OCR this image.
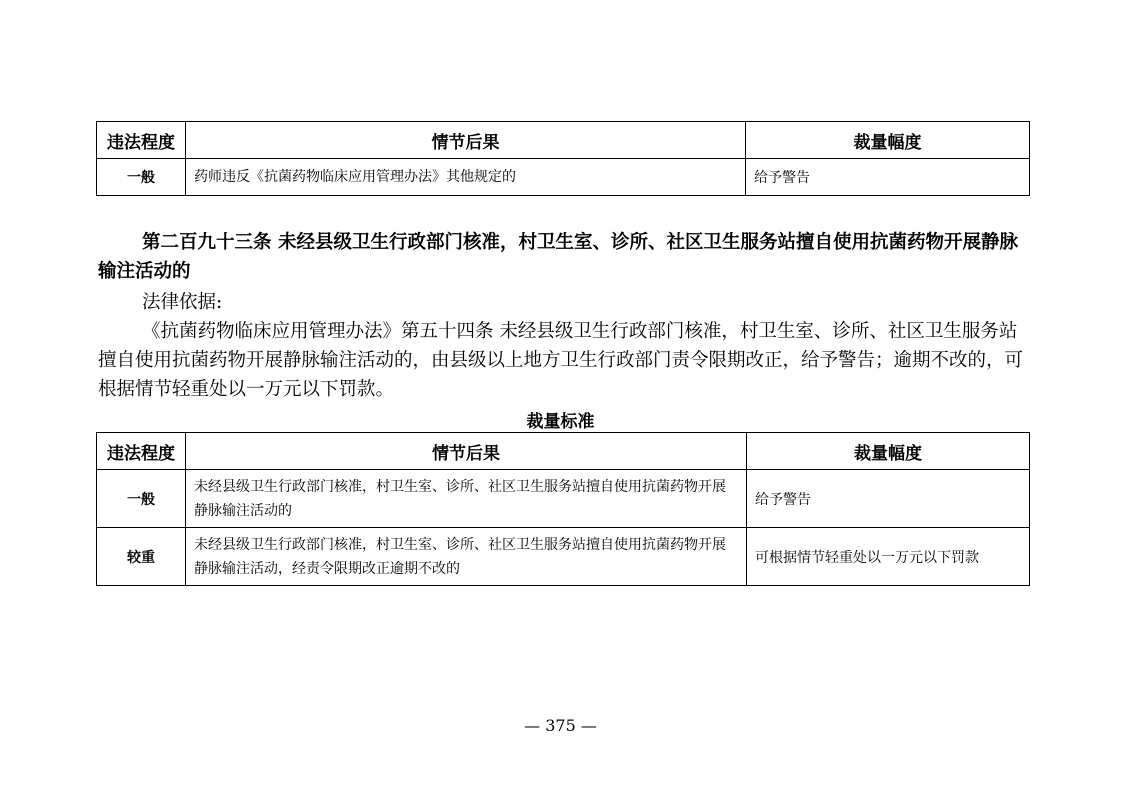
违法程度	情节后果	裁量幅度
一般	药师违反《抗菌药物临床应用管理办法》其他规定的	给予警告

第二百九十三条 未经县级卫生行政部门核准，村卫生室、诊所、社区卫生服务站擅自使用抗菌药物开展静脉输注活动的

法律依据:

《抗菌药物临床应用管理办法》第五十四条 未经县级卫生行政部门核准，村卫生室、诊所、社区卫生服务站擅自使用抗菌药物开展静脉输注活动的，由县级以上地方卫生行政部门责令限期改正，给予警告；逾期不改的，可根据情节轻重处以一万元以下罚款。

裁量标准
违法程度	情节后果	裁量幅度
一般	未经县级卫生行政部门核准，村卫生室、诊所、社区卫生服务站擅自使用抗菌药物开展静脉输注活动的	给予警告
较重	未经县级卫生行政部门核准，村卫生室、诊所、社区卫生服务站擅自使用抗菌药物开展静脉输注活动，经责令限期改正逾期不改的	可根据情节轻重处以一万元以下罚款
— 375 —
